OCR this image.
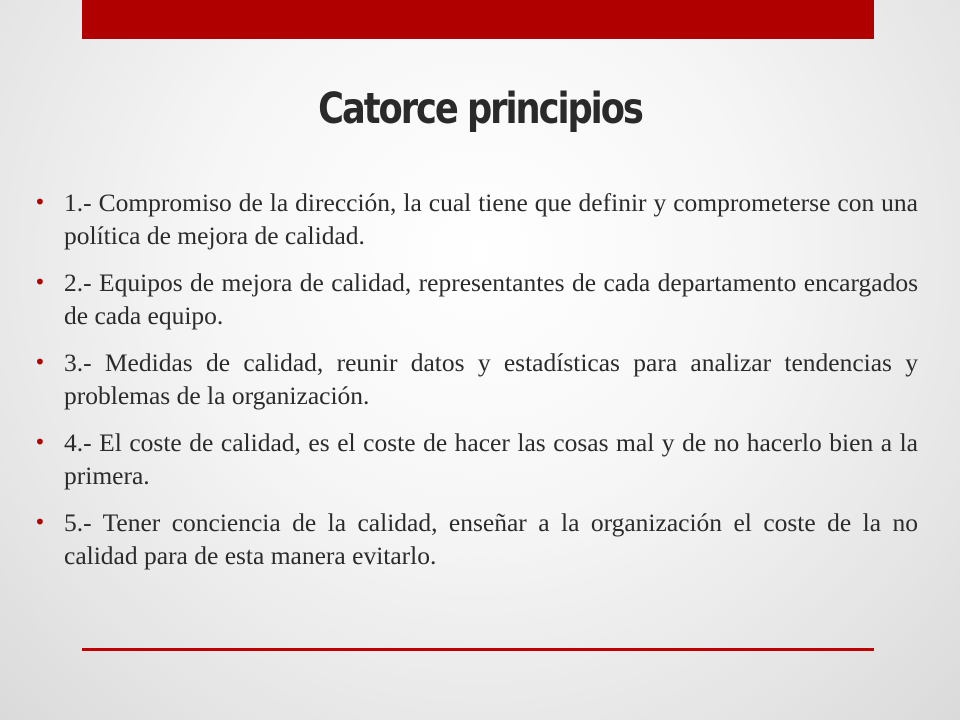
Catorce principios
• 1.- Compromiso de la dirección, la cual tiene que definir y comprometerse con una política de mejora de calidad.
• 2.- Equipos de mejora de calidad, representantes de cada departamento encargados de cada equipo.
• 3.- Medidas de calidad, reunir datos y estadísticas para analizar tendencias y problemas de la organización.
• 4.- El coste de calidad, es el coste de hacer las cosas mal y de no hacerlo bien a la primera.
• 5.- Tener conciencia de la calidad, enseñar a la organización el coste de la no calidad para de esta manera evitarlo.
